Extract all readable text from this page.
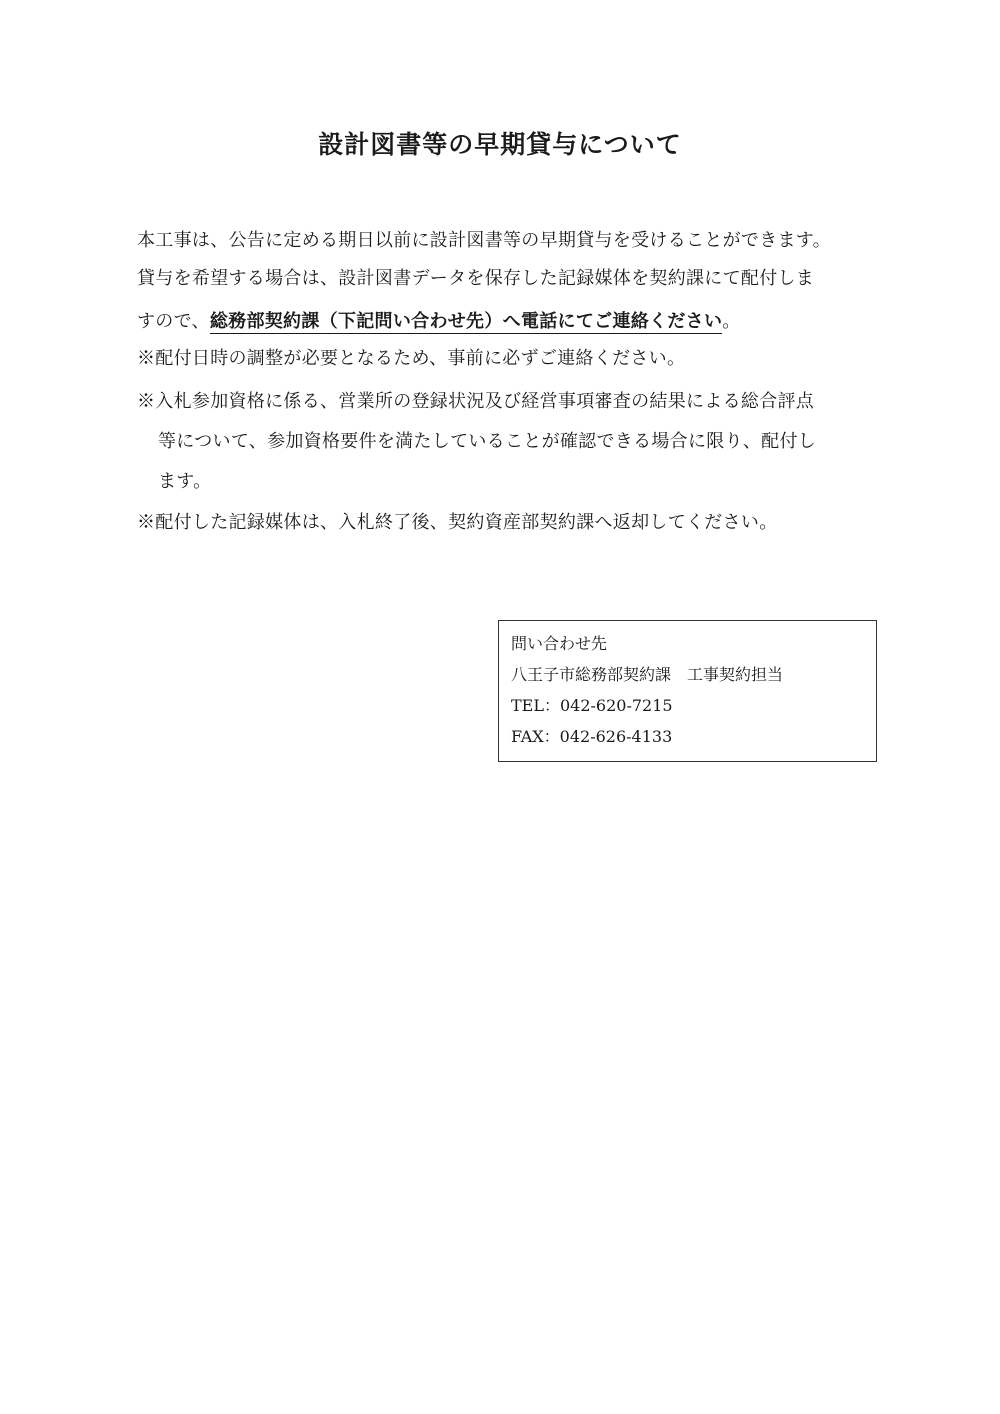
設計図書等の早期貸与について
本工事は、公告に定める期日以前に設計図書等の早期貸与を受けることができます。
貸与を希望する場合は、設計図書データを保存した記録媒体を契約課にて配付しま
すので、総務部契約課（下記問い合わせ先）へ電話にてご連絡ください。
※配付日時の調整が必要となるため、事前に必ずご連絡ください。
※入札参加資格に係る、営業所の登録状況及び経営事項審査の結果による総合評点
等について、参加資格要件を満たしていることが確認できる場合に限り、配付し
ます。
※配付した記録媒体は、入札終了後、契約資産部契約課へ返却してください。
問い合わせ先
八王子市総務部契約課　工事契約担当
TEL：042-620-7215
FAX：042-626-4133
